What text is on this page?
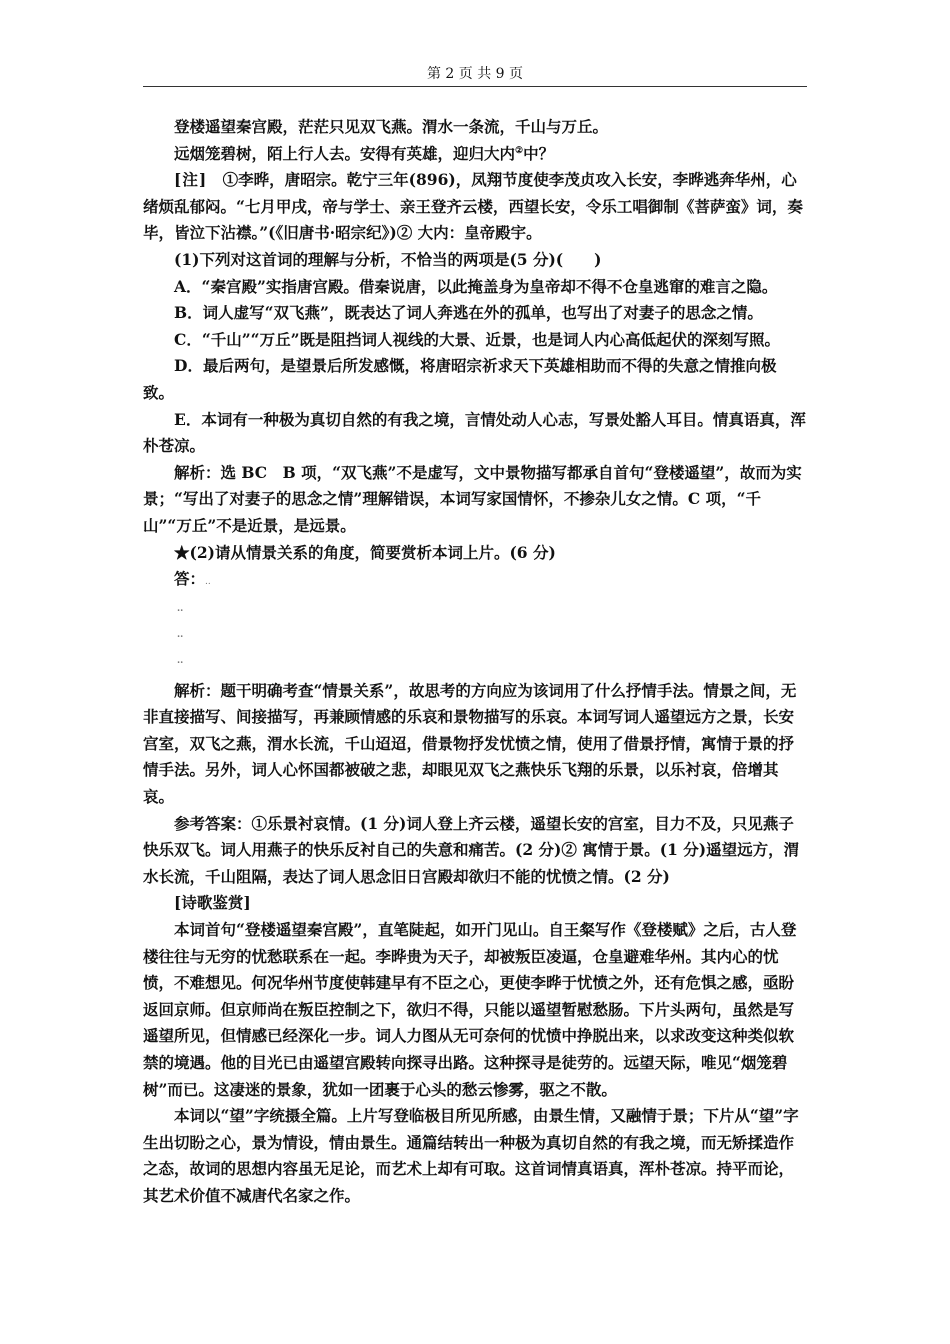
第 2 页 共 9 页

登楼遥望秦宫殿，茫茫只见双飞燕。渭水一条流，千山与万丘。

远烟笼碧树，陌上行人去。安得有英雄，迎归大内②中？

[注]　①李晔，唐昭宗。乾宁三年(896)，凤翔节度使李茂贞攻入长安，李晔逃奔华州，心绪烦乱郁闷。“七月甲戌，帝与学士、亲王登齐云楼，西望长安，令乐工唱御制《菩萨蛮》词，奏毕，皆泣下沾襟。”(《旧唐书·昭宗纪》)② 大内：皇帝殿宇。

(1)下列对这首词的理解与分析，不恰当的两项是(5 分)(　　)

A．“秦宫殿”实指唐宫殿。借秦说唐，以此掩盖身为皇帝却不得不仓皇逃窜的难言之隐。

B．词人虚写“双飞燕”，既表达了词人奔逃在外的孤单，也写出了对妻子的思念之情。

C．“千山”“万丘”既是阻挡词人视线的大景、近景，也是词人内心高低起伏的深刻写照。

D．最后两句，是望景后所发感慨，将唐昭宗祈求天下英雄相助而不得的失意之情推向极致。

E．本词有一种极为真切自然的有我之境，言情处动人心志，写景处豁人耳目。情真语真，浑朴苍凉。

解析：选 BC　B 项，“双飞燕”不是虚写，文中景物描写都承自首句“登楼遥望”，故而为实景；“写出了对妻子的思念之情”理解错误，本词写家国情怀，不掺杂儿女之情。C 项，“千山”“万丘”不是近景，是远景。

★(2)请从情景关系的角度，简要赏析本词上片。(6 分)

答：..

..
..
..

解析：题干明确考查“情景关系”，故思考的方向应为该词用了什么抒情手法。情景之间，无非直接描写、间接描写，再兼顾情感的乐哀和景物描写的乐哀。本词写词人遥望远方之景，长安宫室，双飞之燕，渭水长流，千山迢迢，借景物抒发忧愤之情，使用了借景抒情，寓情于景的抒情手法。另外，词人心怀国都被破之悲，却眼见双飞之燕快乐飞翔的乐景，以乐衬哀，倍增其哀。

参考答案：①乐景衬哀情。(1 分)词人登上齐云楼，遥望长安的宫室，目力不及，只见燕子快乐双飞。词人用燕子的快乐反衬自己的失意和痛苦。(2 分)② 寓情于景。(1 分)遥望远方，渭水长流，千山阻隔，表达了词人思念旧日宫殿却欲归不能的忧愤之情。(2 分)

[诗歌鉴赏]

本词首句“登楼遥望秦宫殿”，直笔陡起，如开门见山。自王粲写作《登楼赋》之后，古人登楼往往与无穷的忧愁联系在一起。李晔贵为天子，却被叛臣凌逼，仓皇避难华州。其内心的忧愤，不难想见。何况华州节度使韩建早有不臣之心，更使李晔于忧愤之外，还有危惧之感，亟盼返回京师。但京师尚在叛臣控制之下，欲归不得，只能以遥望暂慰愁肠。下片头两句，虽然是写遥望所见，但情感已经深化一步。词人力图从无可奈何的忧愤中挣脱出来，以求改变这种类似软禁的境遇。他的目光已由遥望宫殿转向探寻出路。这种探寻是徒劳的。远望天际，唯见“烟笼碧树”而已。这凄迷的景象，犹如一团裹于心头的愁云惨雾，驱之不散。

本词以“望”字统摄全篇。上片写登临极目所见所感，由景生情，又融情于景；下片从“望”字生出切盼之心，景为情设，情由景生。通篇结转出一种极为真切自然的有我之境，而无矫揉造作之态，故词的思想内容虽无足论，而艺术上却有可取。这首词情真语真，浑朴苍凉。持平而论，其艺术价值不减唐代名家之作。
